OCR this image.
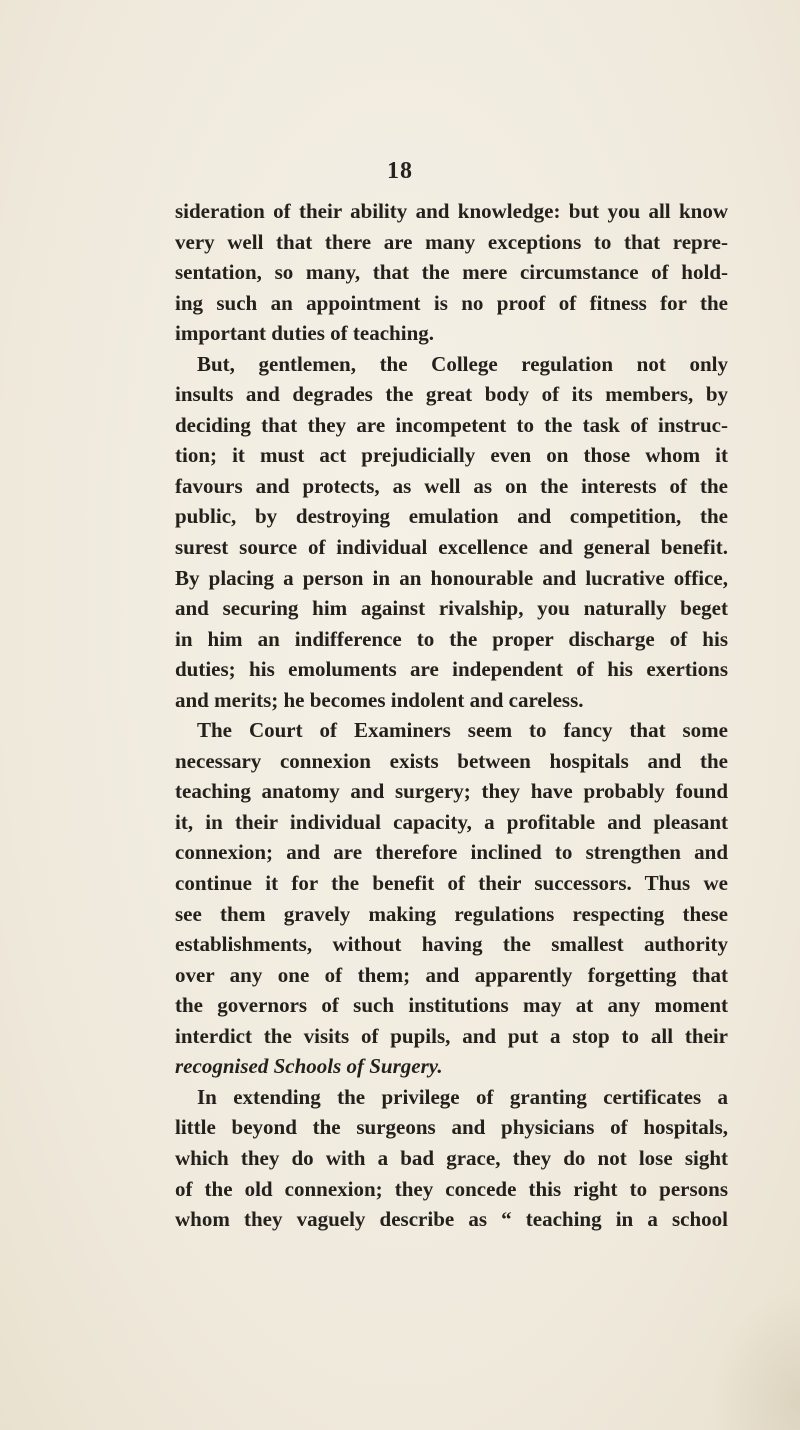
18
sideration of their ability and knowledge: but you all know
very well that there are many exceptions to that repre-
sentation, so many, that the mere circumstance of hold-
ing such an appointment is no proof of fitness for the
important duties of teaching.
But, gentlemen, the College regulation not only
insults and degrades the great body of its members, by
deciding that they are incompetent to the task of instruc-
tion; it must act prejudicially even on those whom it
favours and protects, as well as on the interests of the
public, by destroying emulation and competition, the
surest source of individual excellence and general benefit.
By placing a person in an honourable and lucrative office,
and securing him against rivalship, you naturally beget
in him an indifference to the proper discharge of his
duties; his emoluments are independent of his exertions
and merits; he becomes indolent and careless.
The Court of Examiners seem to fancy that some
necessary connexion exists between hospitals and the
teaching anatomy and surgery; they have probably found
it, in their individual capacity, a profitable and pleasant
connexion; and are therefore inclined to strengthen and
continue it for the benefit of their successors. Thus we
see them gravely making regulations respecting these
establishments, without having the smallest authority
over any one of them; and apparently forgetting that
the governors of such institutions may at any moment
interdict the visits of pupils, and put a stop to all their
recognised Schools of Surgery.
In extending the privilege of granting certificates a
little beyond the surgeons and physicians of hospitals,
which they do with a bad grace, they do not lose sight
of the old connexion; they concede this right to persons
whom they vaguely describe as “ teaching in a school
